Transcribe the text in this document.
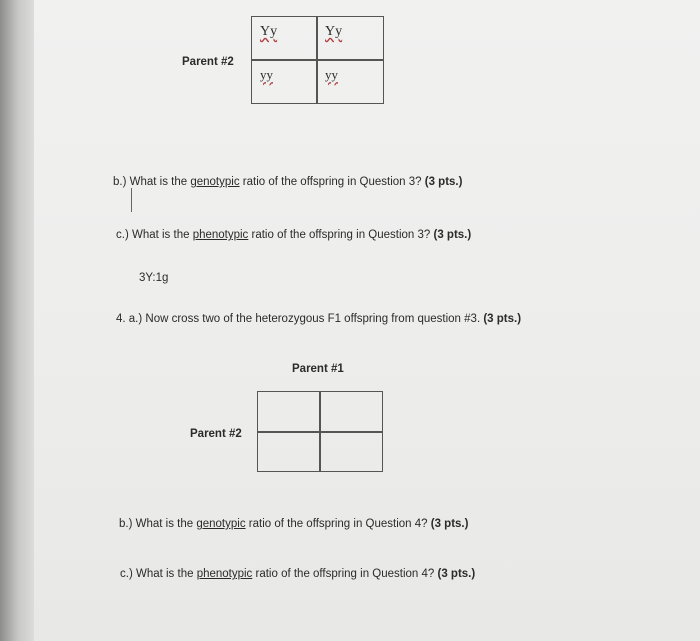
Parent #2
Yy	Yy
yy	yy
b.) What is the genotypic ratio of the offspring in Question 3? (3 pts.)
c.) What is the phenotypic ratio of the offspring in Question 3? (3 pts.)
3Y:1g
4. a.) Now cross two of the heterozygous F1 offspring from question #3. (3 pts.)
Parent #1
Parent #2
b.) What is the genotypic ratio of the offspring in Question 4? (3 pts.)
c.) What is the phenotypic ratio of the offspring in Question 4? (3 pts.)
